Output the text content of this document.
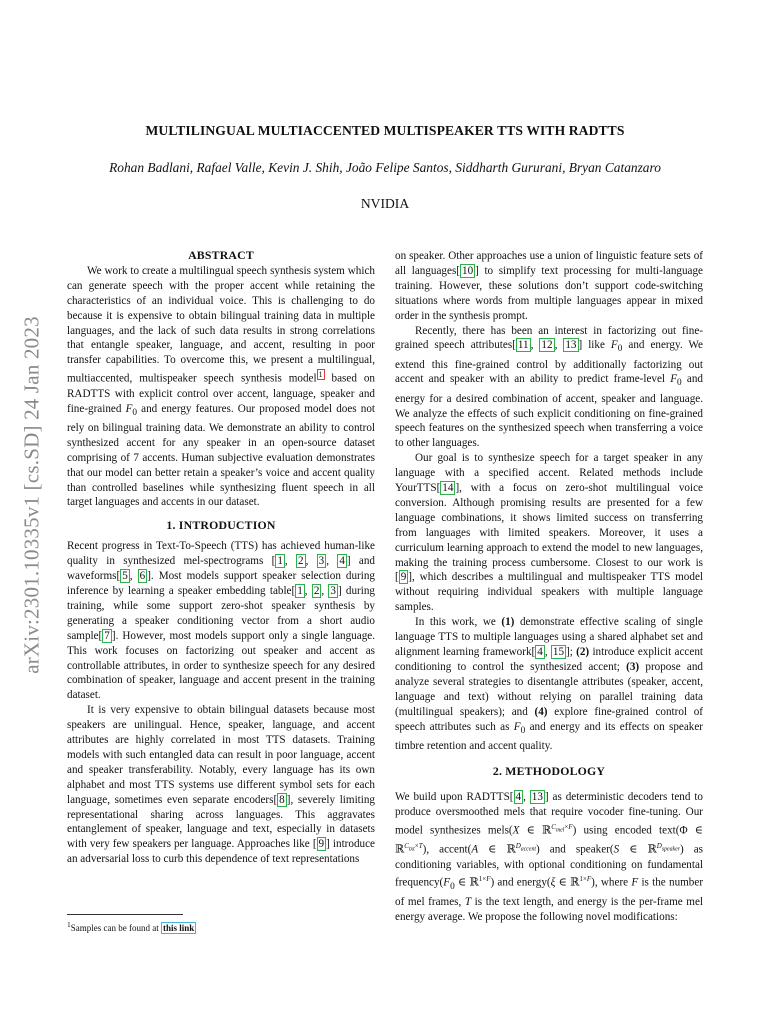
arXiv:2301.10335v1 [cs.SD] 24 Jan 2023
MULTILINGUAL MULTIACCENTED MULTISPEAKER TTS WITH RADTTS
Rohan Badlani, Rafael Valle, Kevin J. Shih, João Felipe Santos, Siddharth Gururani, Bryan Catanzaro
NVIDIA
ABSTRACT

We work to create a multilingual speech synthesis system which can generate speech with the proper accent while retaining the characteristics of an individual voice. This is challenging to do because it is expensive to obtain bilingual training data in multiple languages, and the lack of such data results in strong correlations that entangle speaker, language, and accent, resulting in poor transfer capabilities. To overcome this, we present a multilingual, multiaccented, multispeaker speech synthesis model $^1$ based on RADTTS with explicit control over accent, language, speaker and fine-grained $F_0$ and energy features. Our proposed model does not rely on bilingual training data. We demonstrate an ability to control synthesized accent for any speaker in an open-source dataset comprising of 7 accents. Human subjective evaluation demonstrates that our model can better retain a speaker’s voice and accent quality than controlled baselines while synthesizing fluent speech in all target languages and accents in our dataset.

1. INTRODUCTION

Recent progress in Text-To-Speech (TTS) has achieved human-like quality in synthesized mel-spectrograms [ 1 , 2 , 3 , 4 ] and waveforms[ 5 , 6 ]. Most models support speaker selection during inference by learning a speaker embedding table[ 1 , 2 , 3 ] during training, while some support zero-shot speaker synthesis by generating a speaker conditioning vector from a short audio sample[ 7 ]. However, most models support only a single language. This work focuses on factorizing out speaker and accent as controllable attributes, in order to synthesize speech for any desired combination of speaker, language and accent present in the training dataset.

It is very expensive to obtain bilingual datasets because most speakers are unilingual. Hence, speaker, language, and accent attributes are highly correlated in most TTS datasets. Training models with such entangled data can result in poor language, accent and speaker transferability. Notably, every language has its own alphabet and most TTS systems use different symbol sets for each language, sometimes even separate encoders[ 8 ], severely limiting representational sharing across languages. This aggravates entanglement of speaker, language and text, especially in datasets with very few speakers per language. Approaches like [ 9 ] introduce an adversarial loss to curb this dependence of text representations

on speaker. Other approaches use a union of linguistic feature sets of all languages[ 10 ] to simplify text processing for multi-language training. However, these solutions don’t support code-switching situations where words from multiple languages appear in mixed order in the synthesis prompt.

Recently, there has been an interest in factorizing out fine-grained speech attributes[ 11 , 12 , 13 ] like $F_0$ and energy. We extend this fine-grained control by additionally factorizing out accent and speaker with an ability to predict frame-level $F_0$ and energy for a desired combination of accent, speaker and language. We analyze the effects of such explicit conditioning on fine-grained speech features on the synthesized speech when transferring a voice to other languages.

Our goal is to synthesize speech for a target speaker in any language with a specified accent. Related methods include YourTTS[ 14 ], with a focus on zero-shot multilingual voice conversion. Although promising results are presented for a few language combinations, it shows limited success on transferring from languages with limited speakers. Moreover, it uses a curriculum learning approach to extend the model to new languages, making the training process cumbersome. Closest to our work is [ 9 ], which describes a multilingual and multispeaker TTS model without requiring individual speakers with multiple language samples.

In this work, we (1) demonstrate effective scaling of single language TTS to multiple languages using a shared alphabet set and alignment learning framework[ 4 , 15 ]; (2) introduce explicit accent conditioning to control the synthesized accent; (3) propose and analyze several strategies to disentangle attributes (speaker, accent, language and text) without relying on parallel training data (multilingual speakers); and (4) explore fine-grained control of speech attributes such as $F_0$ and energy and its effects on speaker timbre retention and accent quality.

2. METHODOLOGY

We build upon RADTTS[ 4 , 13 ] as deterministic decoders tend to produce oversmoothed mels that require vocoder fine-tuning. Our model synthesizes mels(X ∈ ℝ$^{C_{mel}\times F}$) using encoded text(Φ ∈ ℝ$^{C_{txt}\times T}$), accent(A ∈ ℝ$^{D_{accent}}$) and speaker(S ∈ ℝ$^{D_{speaker}}$) as conditioning variables, with optional conditioning on fundamental $frequency(F_0$ ∈ ℝ$^{1\times F}$) and energy(ξ ∈ ℝ$^{1\times F}$), where F is the number of mel frames, T is the text length, and energy is the per-frame mel energy average. We propose the following novel modifications:

$^1$Samples can be found at this link
